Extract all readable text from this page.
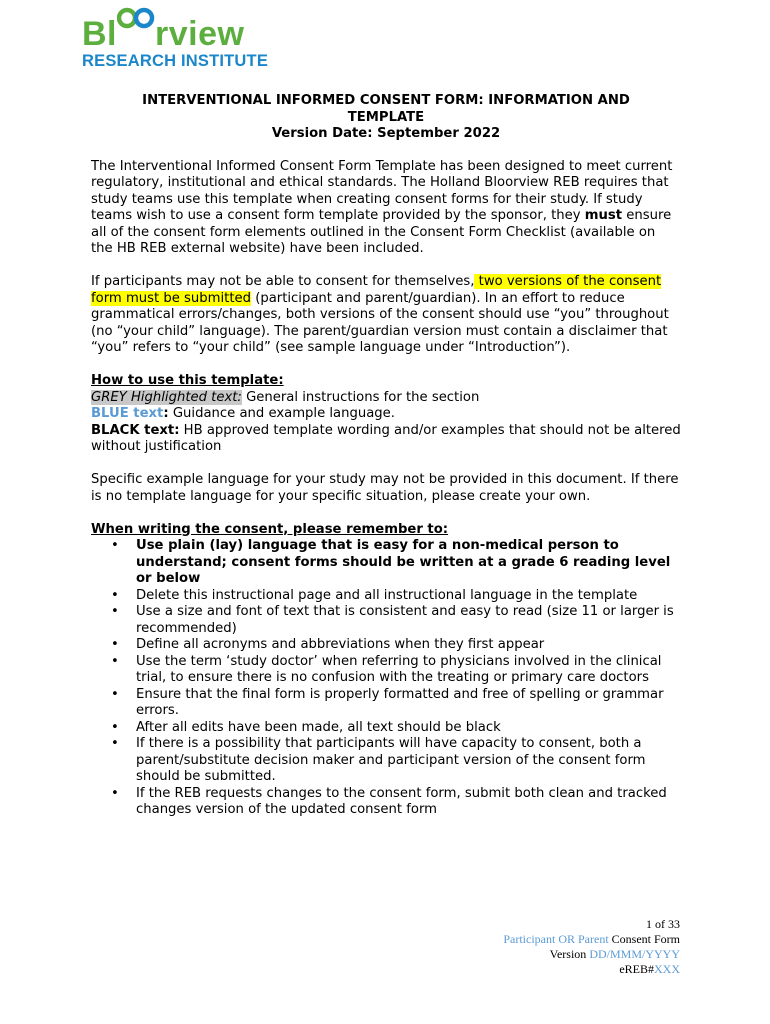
Bl rview
RESEARCH INSTITUTE
INTERVENTIONAL INFORMED CONSENT FORM: INFORMATION AND
TEMPLATE
Version Date: September 2022

The Interventional Informed Consent Form Template has been designed to meet current regulatory, institutional and ethical standards. The Holland Bloorview REB requires that study teams use this template when creating consent forms for their study. If study teams wish to use a consent form template provided by the sponsor, they must ensure all of the consent form elements outlined in the Consent Form Checklist (available on the HB REB external website) have been included.

If participants may not be able to consent for themselves, two versions of the consent form must be submitted (participant and parent/guardian). In an effort to reduce grammatical errors/changes, both versions of the consent should use “you” throughout (no “your child” language). The parent/guardian version must contain a disclaimer that “you” refers to “your child” (see sample language under “Introduction”).

How to use this template:
GREY Highlighted text: General instructions for the section
BLUE text: Guidance and example language.
BLACK text: HB approved template wording and/or examples that should not be altered without justification

Specific example language for your study may not be provided in this document. If there is no template language for your specific situation, please create your own.

When writing the consent, please remember to:
• Use plain (lay) language that is easy for a non-medical person to understand; consent forms should be written at a grade 6 reading level or below
• Delete this instructional page and all instructional language in the template
• Use a size and font of text that is consistent and easy to read (size 11 or larger is recommended)
• Define all acronyms and abbreviations when they first appear
• Use the term ‘study doctor’ when referring to physicians involved in the clinical trial, to ensure there is no confusion with the treating or primary care doctors
• Ensure that the final form is properly formatted and free of spelling or grammar errors.
• After all edits have been made, all text should be black
• If there is a possibility that participants will have capacity to consent, both a parent/substitute decision maker and participant version of the consent form should be submitted.
• If the REB requests changes to the consent form, submit both clean and tracked changes version of the updated consent form
1 of 33
Participant OR Parent Consent Form
Version DD/MMM/YYYY
eREB#XXX
